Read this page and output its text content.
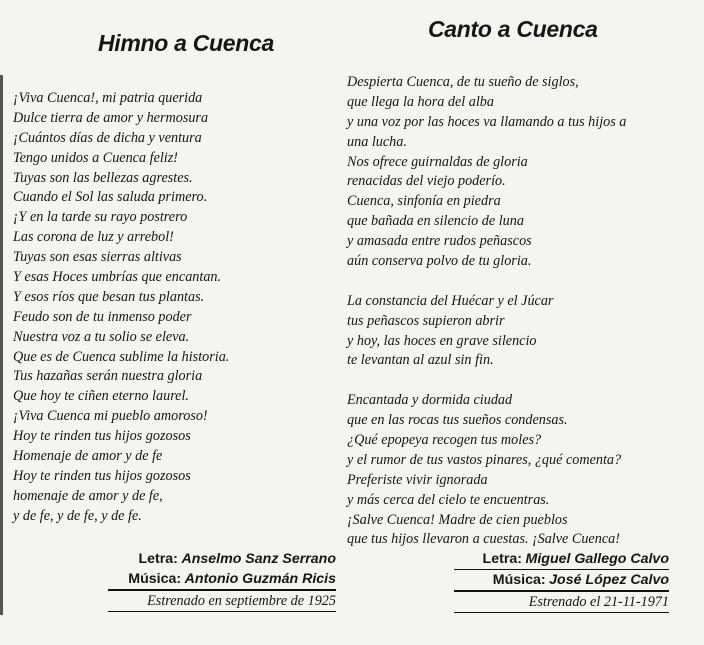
Himno a Cuenca
Canto a Cuenca
¡Viva Cuenca!, mi patria querida
Dulce tierra de amor y hermosura
¡Cuántos días de dicha y ventura
Tengo unidos a Cuenca feliz!
Tuyas son las bellezas agrestes.
Cuando el Sol las saluda primero.
¡Y en la tarde su rayo postrero
Las corona de luz y arrebol!
Tuyas son esas sierras altivas
Y esas Hoces umbrías que encantan.
Y esos ríos que besan tus plantas.
Feudo son de tu inmenso poder
Nuestra voz a tu solio se eleva.
Que es de Cuenca sublime la historia.
Tus hazañas serán nuestra gloria
Que hoy te ciñen eterno laurel.
¡Viva Cuenca mi pueblo amoroso!
Hoy te rinden tus hijos gozosos
Homenaje de amor y de fe
Hoy te rinden tus hijos gozosos
homenaje de amor y de fe,
y de fe, y de fe, y de fe.
Despierta Cuenca, de tu sueño de siglos,
que llega la hora del alba
y una voz por las hoces va llamando a tus hijos a
una lucha.
Nos ofrece guirnaldas de gloria
renacidas del viejo poderío.
Cuenca, sinfonía en piedra
que bañada en silencio de luna
y amasada entre rudos peñascos
aún conserva polvo de tu gloria.
La constancia del Huécar y el Júcar
tus peñascos supieron abrir
y hoy, las hoces en grave silencio
te levantan al azul sin fin.
Encantada y dormida ciudad
que en las rocas tus sueños condensas.
¿Qué epopeya recogen tus moles?
y el rumor de tus vastos pinares, ¿qué comenta?
Preferiste vivir ignorada
y más cerca del cielo te encuentras.
¡Salve Cuenca! Madre de cien pueblos
que tus hijos llevaron a cuestas. ¡Salve Cuenca!
Letra: Anselmo Sanz Serrano
Música: Antonio Guzmán Ricis
Estrenado en septiembre de 1925
Letra: Miguel Gallego Calvo
Música: José López Calvo
Estrenado el 21-11-1971
